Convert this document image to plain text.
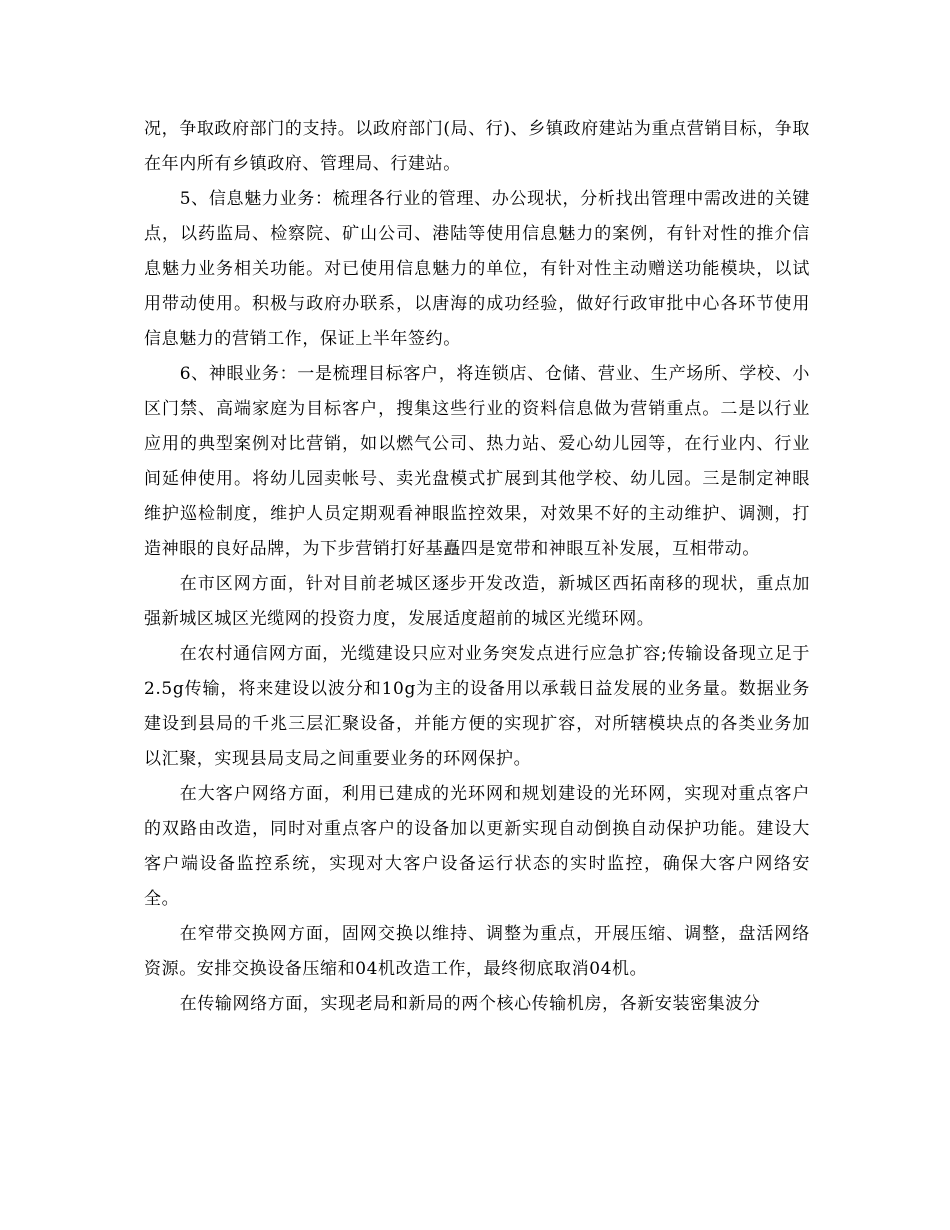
况，争取政府部门的支持。以政府部门(局、行)、乡镇政府建站为重点营销目标，争取在年内所有乡镇政府、管理局、行建站。

5、信息魅力业务：梳理各行业的管理、办公现状，分析找出管理中需改进的关键点，以药监局、检察院、矿山公司、港陆等使用信息魅力的案例，有针对性的推介信息魅力业务相关功能。对已使用信息魅力的单位，有针对性主动赠送功能模块，以试用带动使用。积极与政府办联系，以唐海的成功经验，做好行政审批中心各环节使用信息魅力的营销工作，保证上半年签约。

6、神眼业务：一是梳理目标客户，将连锁店、仓储、营业、生产场所、学校、小区门禁、高端家庭为目标客户，搜集这些行业的资料信息做为营销重点。二是以行业应用的典型案例对比营销，如以燃气公司、热力站、爱心幼儿园等，在行业内、行业间延伸使用。将幼儿园卖帐号、卖光盘模式扩展到其他学校、幼儿园。三是制定神眼维护巡检制度，维护人员定期观看神眼监控效果，对效果不好的主动维护、调测，打造神眼的良好品牌，为下步营销打好基矗四是宽带和神眼互补发展，互相带动。

在市区网方面，针对目前老城区逐步开发改造，新城区西拓南移的现状，重点加强新城区城区光缆网的投资力度，发展适度超前的城区光缆环网。

在农村通信网方面，光缆建设只应对业务突发点进行应急扩容;传输设备现立足于2.5g传输，将来建设以波分和10g为主的设备用以承载日益发展的业务量。数据业务建设到县局的千兆三层汇聚设备，并能方便的实现扩容，对所辖模块点的各类业务加以汇聚，实现县局支局之间重要业务的环网保护。

在大客户网络方面，利用已建成的光环网和规划建设的光环网，实现对重点客户的双路由改造，同时对重点客户的设备加以更新实现自动倒换自动保护功能。建设大客户端设备监控系统，实现对大客户设备运行状态的实时监控，确保大客户网络安全。

在窄带交换网方面，固网交换以维持、调整为重点，开展压缩、调整，盘活网络资源。安排交换设备压缩和04机改造工作，最终彻底取消04机。

在传输网络方面，实现老局和新局的两个核心传输机房，各新安装密集波分
